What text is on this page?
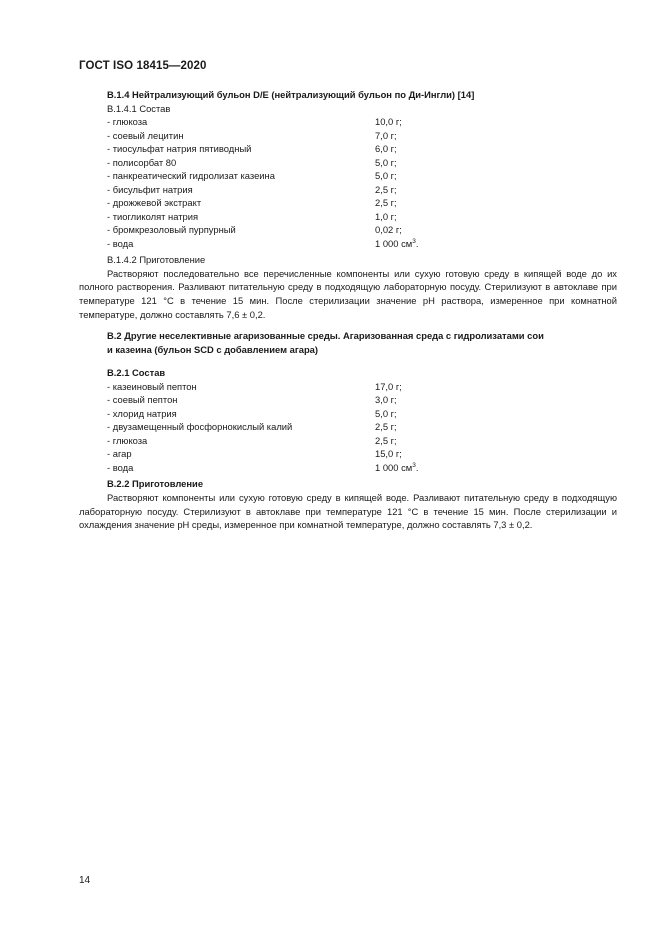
ГОСТ ISO 18415—2020
В.1.4 Нейтрализующий бульон D/E (нейтрализующий бульон по Ди-Ингли) [14]
В.1.4.1 Состав
- глюкоза	10,0 г;
- соевый лецитин	7,0 г;
- тиосульфат натрия пятиводный	6,0 г;
- полисорбат 80	5,0 г;
- панкреатический гидролизат казеина	5,0 г;
- бисульфит натрия	2,5 г;
- дрожжевой экстракт	2,5 г;
- тиогликолят натрия	1,0 г;
- бромкрезоловый пурпурный	0,02 г;
- вода	1 000 $см^3$.
В.1.4.2 Приготовление

Растворяют последовательно все перечисленные компоненты или сухую готовую среду в кипящей воде до их полного растворения. Разливают питательную среду в подходящую лабораторную посуду. Стерилизуют в автоклаве при температуре 121 °С в течение 15 мин. После стерилизации значение pH раствора, измеренное при комнатной температуре, должно составлять 7,6 ± 0,2.

В.2 Другие неселективные агаризованные среды. Агаризованная среда с гидролизатами сои
и казеина (бульон SCD с добавлением агара)
В.2.1 Состав
- казеиновый пептон	17,0 г;
- соевый пептон	3,0 г;
- хлорид натрия	5,0 г;
- двузамещенный фосфорнокислый калий	2,5 г;
- глюкоза	2,5 г;
- агар	15,0 г;
- вода	1 000 $см^3$.
В.2.2 Приготовление

Растворяют компоненты или сухую готовую среду в кипящей воде. Разливают питательную среду в подходящую лабораторную посуду. Стерилизуют в автоклаве при температуре 121 °С в течение 15 мин. После стерилизации и охлаждения значение pH среды, измеренное при комнатной температуре, должно составлять 7,3 ± 0,2.

14
